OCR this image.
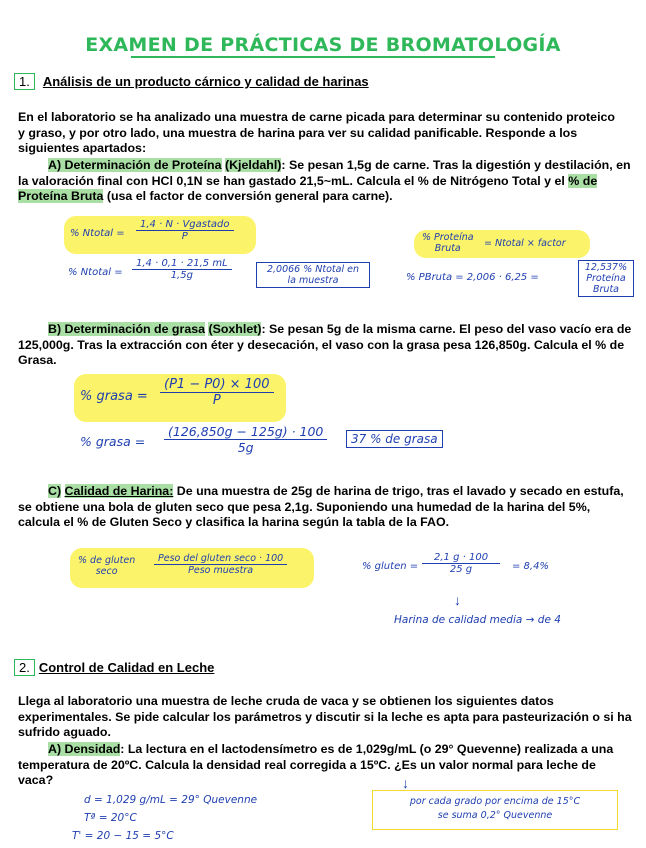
EXAMEN DE PRÁCTICAS DE BROMATOLOGÍA
1.	Análisis de un producto cárnico y calidad de harinas
En el laboratorio se ha analizado una muestra de carne picada para determinar su contenido proteico y graso, y por otro lado, una muestra de harina para ver su calidad panificable. Responde a los siguientes apartados:
A) Determinación de Proteína (Kjeldahl): Se pesan 1,5g de carne. Tras la digestión y destilación, en la valoración final con HCl 0,1N se han gastado 21,5~mL. Calcula el % de Nitrógeno Total y el % de Proteína Bruta (usa el factor de conversión general para carne).
% Ntotal =
1,4 · N · Vgastado
P
% Ntotal = $\frac{1,4 \cdot 0,1 \cdot 21,5 mL}{1,5g}$	2,0066 % Ntotal en
la muestra
% Proteína
Bruta	= Ntotal × factor
% PBruta = 2,006 · 6,25 =
12,537%
Proteína
Bruta
B) Determinación de grasa (Soxhlet): Se pesan 5g de la misma carne. El peso del vaso vacío era de 125,000g. Tras la extracción con éter y desecación, el vaso con la grasa pesa 126,850g. Calcula el % de Grasa.
% grasa = $\frac{(P1 - P0) \times 100}{P}$
% grasa = $\frac{(126,850g - 125g) \cdot 100}{5g}$	37 % de grasa
C) Calidad de Harina: De una muestra de 25g de harina de trigo, tras el lavado y secado en estufa, se obtiene una bola de gluten seco que pesa 2,1g. Suponiendo una humedad de la harina del 5%, calcula el % de Gluten Seco y clasifica la harina según la tabla de la FAO.
% de gluten
seco
Peso del gluten seco · 100
Peso muestra	% gluten = $\frac{2,1 g \cdot 100}{25 g} = 8,4\%$
↓
Harina de calidad media → de 4
2. Control de Calidad en Leche
Llega al laboratorio una muestra de leche cruda de vaca y se obtienen los siguientes datos experimentales. Se pide calcular los parámetros y discutir si la leche es apta para pasteurización o si ha sufrido aguado.
A) Densidad: La lectura en el lactodensímetro es de 1,029g/mL (o 29° Quevenne) realizada a una temperatura de 20ºC. Calcula la densidad real corregida a 15ºC. ¿Es un valor normal para leche de vaca?
d = 1,029 g/mL = 29° Quevenne
Tª = 20°C
T' = 20 − 15 = 5°C
↓
por cada grado por encima de 15°C
se suma 0,2° Quevenne
